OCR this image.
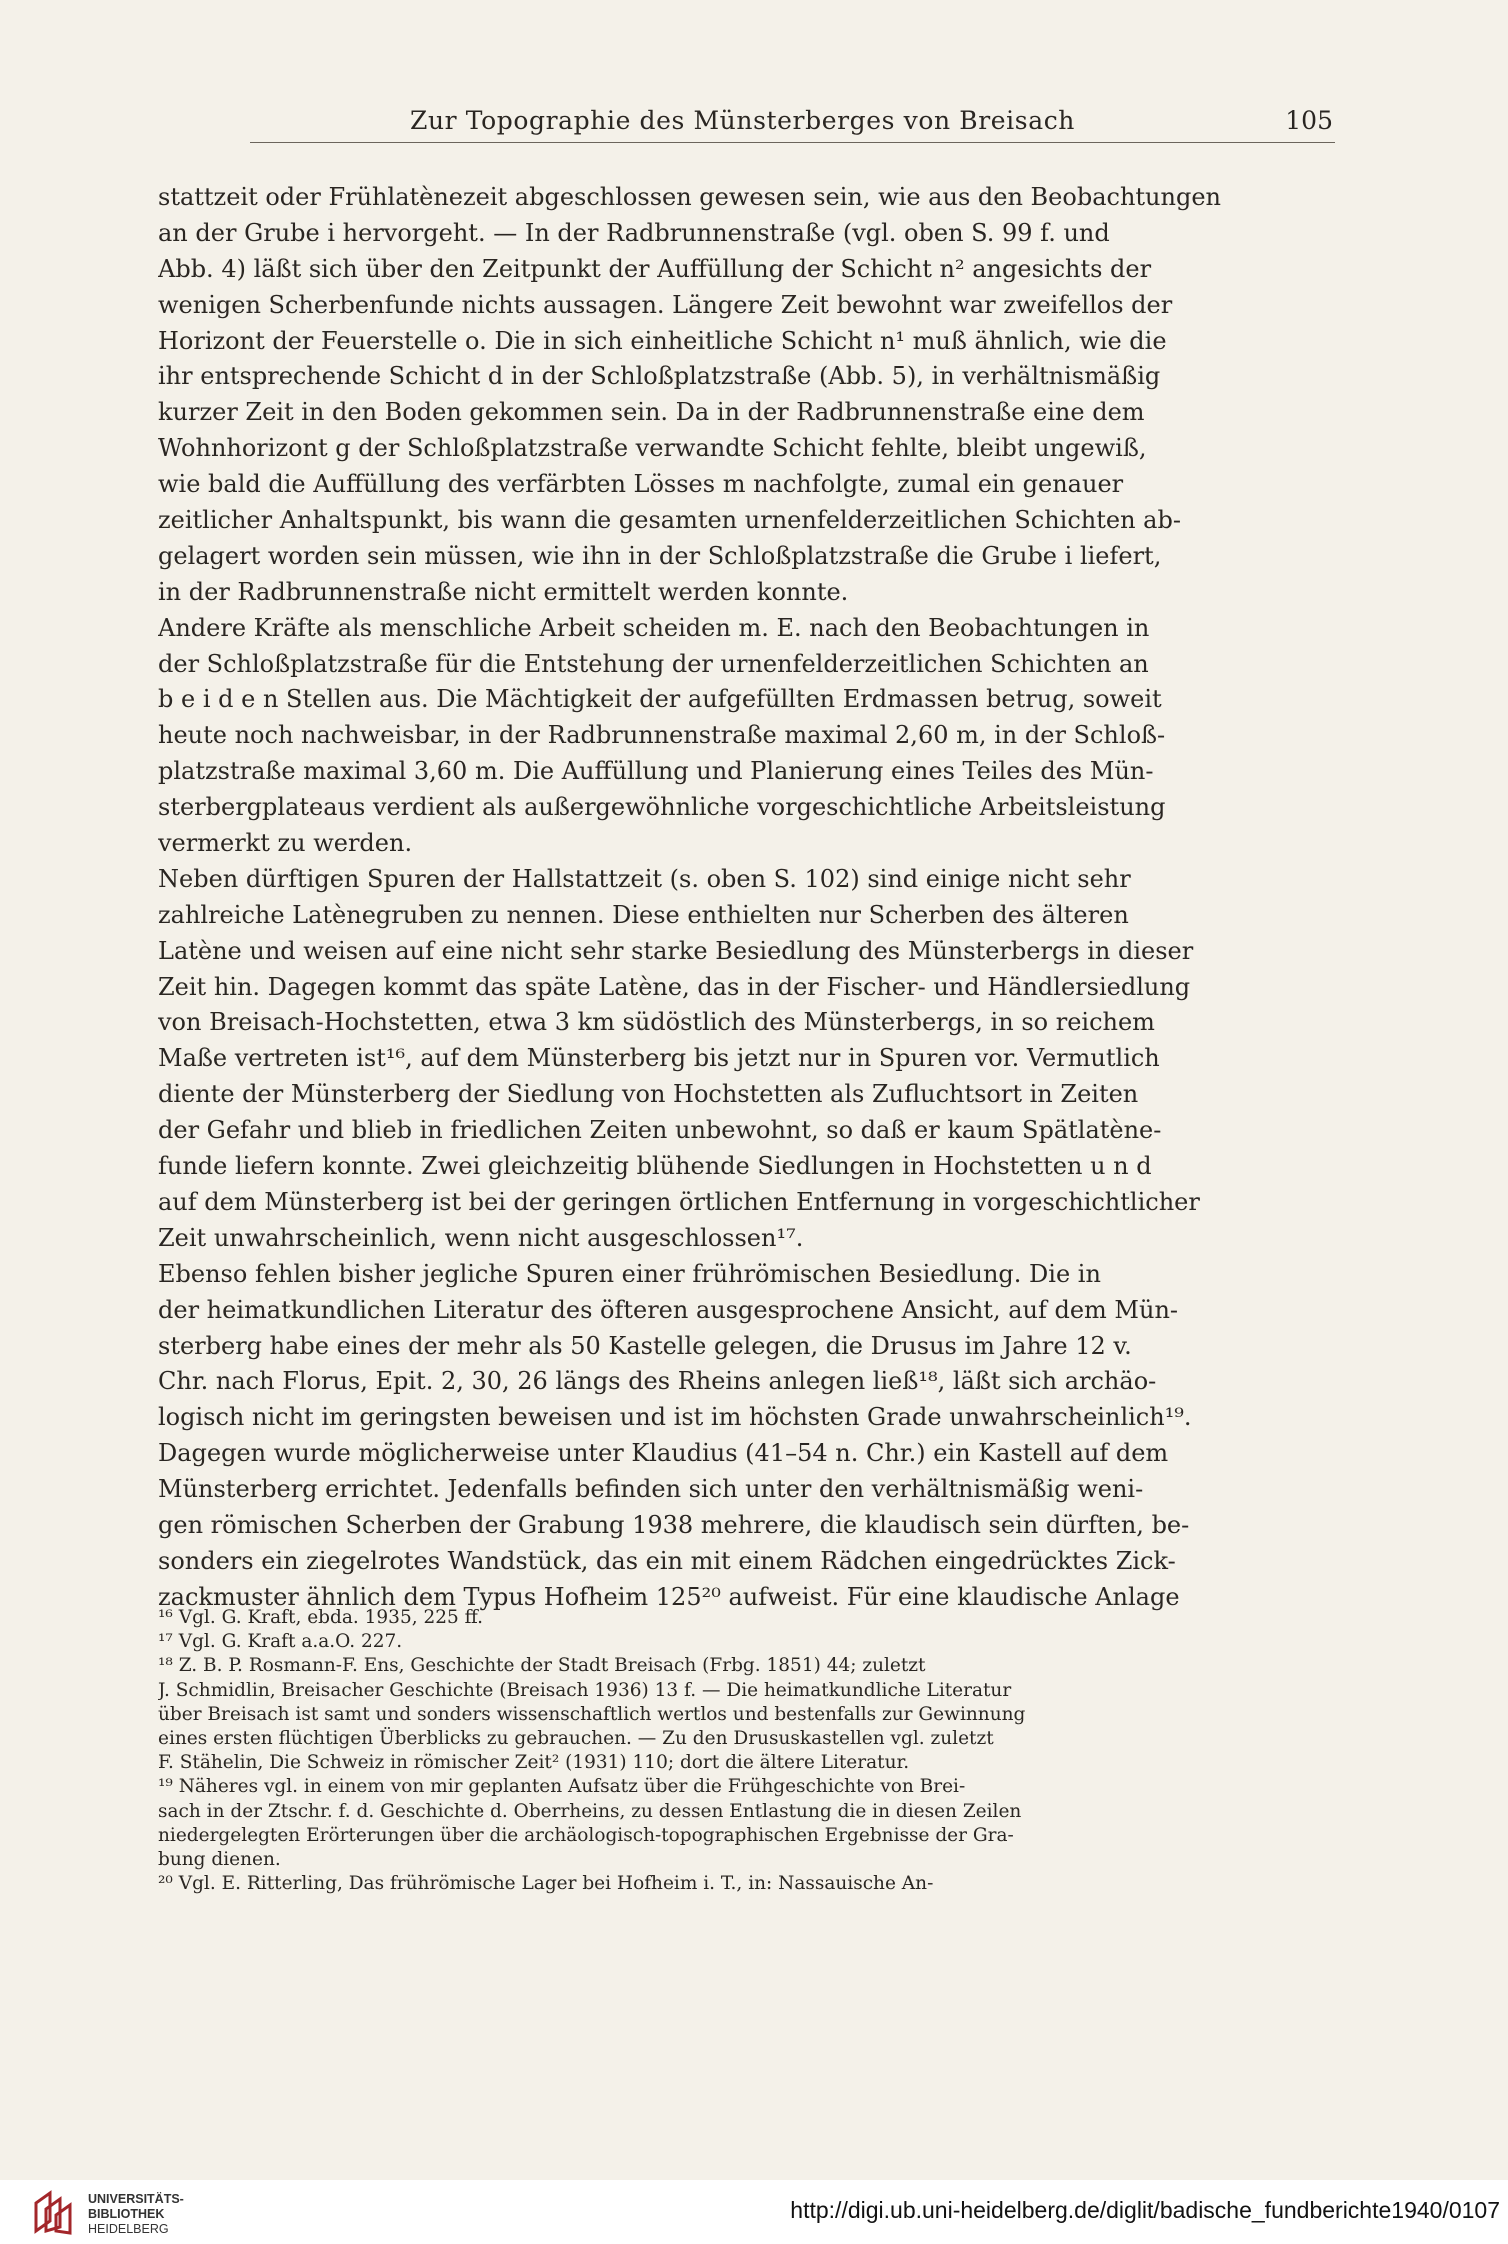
Zur Topographie des Münsterberges von Breisach	105
stattzeit oder Frühlatènezeit abgeschlossen gewesen sein, wie aus den Beobachtungen
an der Grube i hervorgeht. — In der Radbrunnenstraße (vgl. oben S. 99 f. und
Abb. 4) läßt sich über den Zeitpunkt der Auffüllung der Schicht n² angesichts der
wenigen Scherbenfunde nichts aussagen. Längere Zeit bewohnt war zweifellos der
Horizont der Feuerstelle o. Die in sich einheitliche Schicht n¹ muß ähnlich, wie die
ihr entsprechende Schicht d in der Schloßplatzstraße (Abb. 5), in verhältnismäßig
kurzer Zeit in den Boden gekommen sein. Da in der Radbrunnenstraße eine dem
Wohnhorizont g der Schloßplatzstraße verwandte Schicht fehlte, bleibt ungewiß,
wie bald die Auffüllung des verfärbten Lösses m nachfolgte, zumal ein genauer
zeitlicher Anhaltspunkt, bis wann die gesamten urnenfelderzeitlichen Schichten ab-
gelagert worden sein müssen, wie ihn in der Schloßplatzstraße die Grube i liefert,
in der Radbrunnenstraße nicht ermittelt werden konnte.
Andere Kräfte als menschliche Arbeit scheiden m. E. nach den Beobachtungen in
der Schloßplatzstraße für die Entstehung der urnenfelderzeitlichen Schichten an
b e i d e n Stellen aus. Die Mächtigkeit der aufgefüllten Erdmassen betrug, soweit
heute noch nachweisbar, in der Radbrunnenstraße maximal 2,60 m, in der Schloß-
platzstraße maximal 3,60 m. Die Auffüllung und Planierung eines Teiles des Mün-
sterbergplateaus verdient als außergewöhnliche vorgeschichtliche Arbeitsleistung
vermerkt zu werden.
Neben dürftigen Spuren der Hallstattzeit (s. oben S. 102) sind einige nicht sehr
zahlreiche Latènegruben zu nennen. Diese enthielten nur Scherben des älteren
Latène und weisen auf eine nicht sehr starke Besiedlung des Münsterbergs in dieser
Zeit hin. Dagegen kommt das späte Latène, das in der Fischer- und Händlersiedlung
von Breisach-Hochstetten, etwa 3 km südöstlich des Münsterbergs, in so reichem
Maße vertreten ist¹⁶, auf dem Münsterberg bis jetzt nur in Spuren vor. Vermutlich
diente der Münsterberg der Siedlung von Hochstetten als Zufluchtsort in Zeiten
der Gefahr und blieb in friedlichen Zeiten unbewohnt, so daß er kaum Spätlatène-
funde liefern konnte. Zwei gleichzeitig blühende Siedlungen in Hochstetten u n d
auf dem Münsterberg ist bei der geringen örtlichen Entfernung in vorgeschichtlicher
Zeit unwahrscheinlich, wenn nicht ausgeschlossen¹⁷.
Ebenso fehlen bisher jegliche Spuren einer frührömischen Besiedlung. Die in
der heimatkundlichen Literatur des öfteren ausgesprochene Ansicht, auf dem Mün-
sterberg habe eines der mehr als 50 Kastelle gelegen, die Drusus im Jahre 12 v.
Chr. nach Florus, Epit. 2, 30, 26 längs des Rheins anlegen ließ¹⁸, läßt sich archäo-
logisch nicht im geringsten beweisen und ist im höchsten Grade unwahrscheinlich¹⁹.
Dagegen wurde möglicherweise unter Klaudius (41–54 n. Chr.) ein Kastell auf dem
Münsterberg errichtet. Jedenfalls befinden sich unter den verhältnismäßig weni-
gen römischen Scherben der Grabung 1938 mehrere, die klaudisch sein dürften, be-
sonders ein ziegelrotes Wandstück, das ein mit einem Rädchen eingedrücktes Zick-
zackmuster ähnlich dem Typus Hofheim 125²⁰ aufweist. Für eine klaudische Anlage
¹⁶ Vgl. G. Kraft, ebda. 1935, 225 ff.
¹⁷ Vgl. G. Kraft a.a.O. 227.
¹⁸ Z. B. P. Rosmann-F. Ens, Geschichte der Stadt Breisach (Frbg. 1851) 44; zuletzt
J. Schmidlin, Breisacher Geschichte (Breisach 1936) 13 f. — Die heimatkundliche Literatur
über Breisach ist samt und sonders wissenschaftlich wertlos und bestenfalls zur Gewinnung
eines ersten flüchtigen Überblicks zu gebrauchen. — Zu den Drususkastellen vgl. zuletzt
F. Stähelin, Die Schweiz in römischer Zeit² (1931) 110; dort die ältere Literatur.
¹⁹ Näheres vgl. in einem von mir geplanten Aufsatz über die Frühgeschichte von Brei-
sach in der Ztschr. f. d. Geschichte d. Oberrheins, zu dessen Entlastung die in diesen Zeilen
niedergelegten Erörterungen über die archäologisch-topographischen Ergebnisse der Gra-
bung dienen.
²⁰ Vgl. E. Ritterling, Das frührömische Lager bei Hofheim i. T., in: Nassauische An-
UNIVERSITÄTS-
BIBLIOTHEK
HEIDELBERG
http://digi.ub.uni-heidelberg.de/diglit/badische_fundberichte1940/0107
